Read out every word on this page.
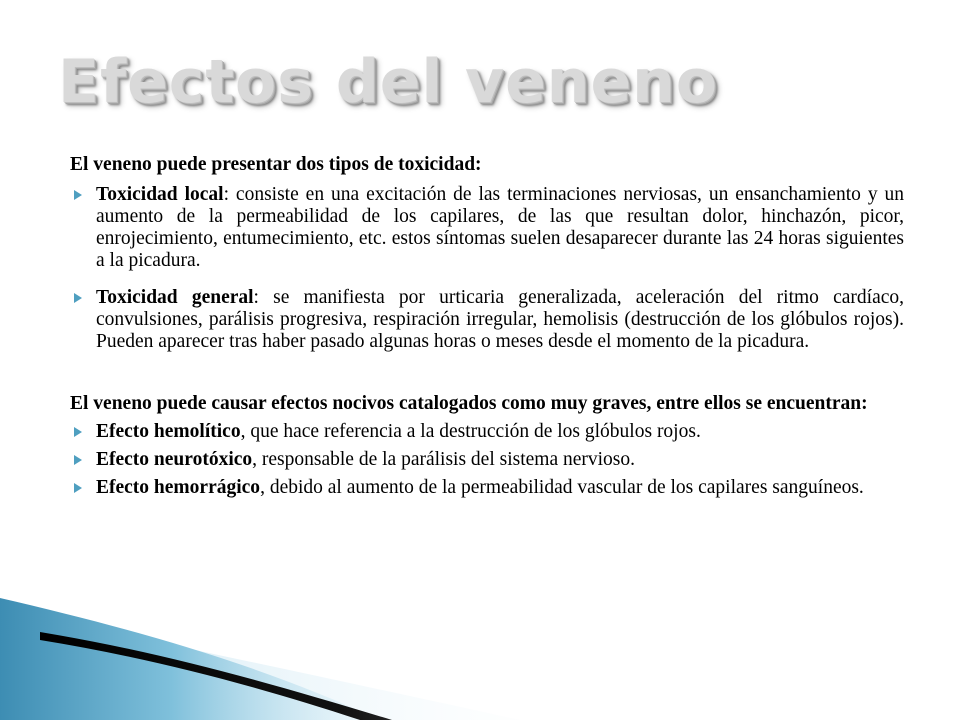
Efectos del veneno

El veneno puede presentar dos tipos de toxicidad:

Toxicidad local: consiste en una excitación de las terminaciones nerviosas, un ensanchamiento y un aumento de la permeabilidad de los capilares, de las que resultan dolor, hinchazón, picor, enrojecimiento, entumecimiento, etc. estos síntomas suelen desaparecer durante las 24 horas siguientes a la picadura.

Toxicidad general: se manifiesta por urticaria generalizada, aceleración del ritmo cardíaco, convulsiones, parálisis progresiva, respiración irregular, hemolisis (destrucción de los glóbulos rojos). Pueden aparecer tras haber pasado algunas horas o meses desde el momento de la picadura.

El veneno puede causar efectos nocivos catalogados como muy graves, entre ellos se encuentran:

Efecto hemolítico, que hace referencia a la destrucción de los glóbulos rojos.

Efecto neurotóxico, responsable de la parálisis del sistema nervioso.

Efecto hemorrágico, debido al aumento de la permeabilidad vascular de los capilares sanguíneos.
